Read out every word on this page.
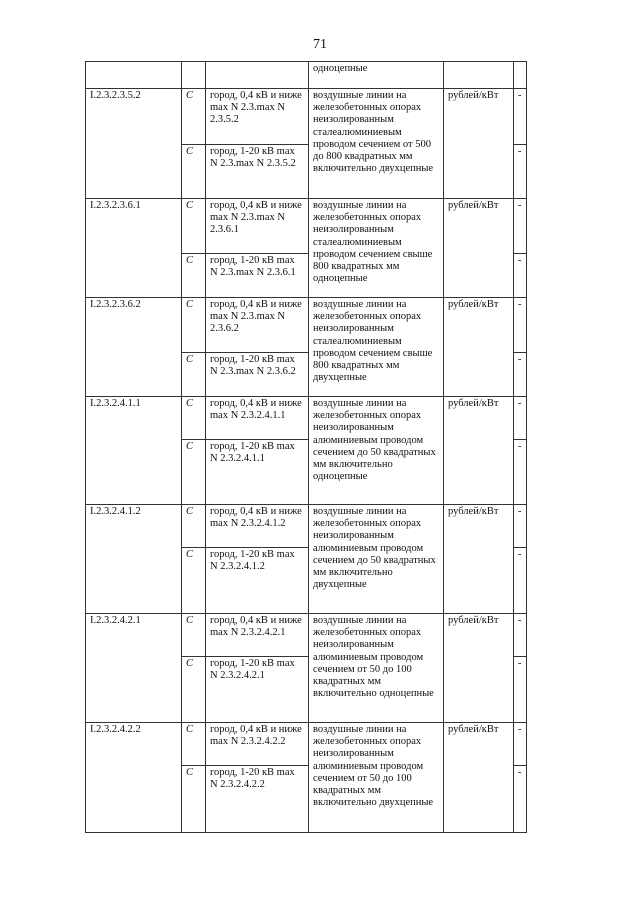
71
			одноцепные		
I.2.3.2.3.5.2	C	город, 0,4 кВ и ниже max N 2.3.max N 2.3.5.2	воздушные линии на железобетонных опорах неизолированным сталеалюминиевым проводом сечением от 500 до 800 квадратных мм включительно двухцепные	рублей/кВт	-
	C	город, 1-20 кВ max N 2.3.max N 2.3.5.2			-
I.2.3.2.3.6.1	C	город, 0,4 кВ и ниже max N 2.3.max N 2.3.6.1	воздушные линии на железобетонных опорах неизолированным сталеалюминиевым проводом сечением свыше 800 квадратных мм одноцепные	рублей/кВт	-
	C	город, 1-20 кВ max N 2.3.max N 2.3.6.1			-
I.2.3.2.3.6.2	C	город, 0,4 кВ и ниже max N 2.3.max N 2.3.6.2	воздушные линии на железобетонных опорах неизолированным сталеалюминиевым проводом сечением свыше 800 квадратных мм двухцепные	рублей/кВт	-
	C	город, 1-20 кВ max N 2.3.max N 2.3.6.2			-
I.2.3.2.4.1.1	C	город, 0,4 кВ и ниже max N 2.3.2.4.1.1	воздушные линии на железобетонных опорах неизолированным алюминиевым проводом сечением до 50 квадратных мм включительно одноцепные	рублей/кВт	-
	C	город, 1-20 кВ max N 2.3.2.4.1.1			-
I.2.3.2.4.1.2	C	город, 0,4 кВ и ниже max N 2.3.2.4.1.2	воздушные линии на железобетонных опорах неизолированным алюминиевым проводом сечением до 50 квадратных мм включительно двухцепные	рублей/кВт	-
	C	город, 1-20 кВ max N 2.3.2.4.1.2			-
I.2.3.2.4.2.1	C	город, 0,4 кВ и ниже max N 2.3.2.4.2.1	воздушные линии на железобетонных опорах неизолированным алюминиевым проводом сечением от 50 до 100 квадратных мм включительно одноцепные	рублей/кВт	-
	C	город, 1-20 кВ max N 2.3.2.4.2.1			-
I.2.3.2.4.2.2	C	город, 0,4 кВ и ниже max N 2.3.2.4.2.2	воздушные линии на железобетонных опорах неизолированным алюминиевым проводом сечением от 50 до 100 квадратных мм включительно двухцепные	рублей/кВт	-
	C	город, 1-20 кВ max N 2.3.2.4.2.2			-
